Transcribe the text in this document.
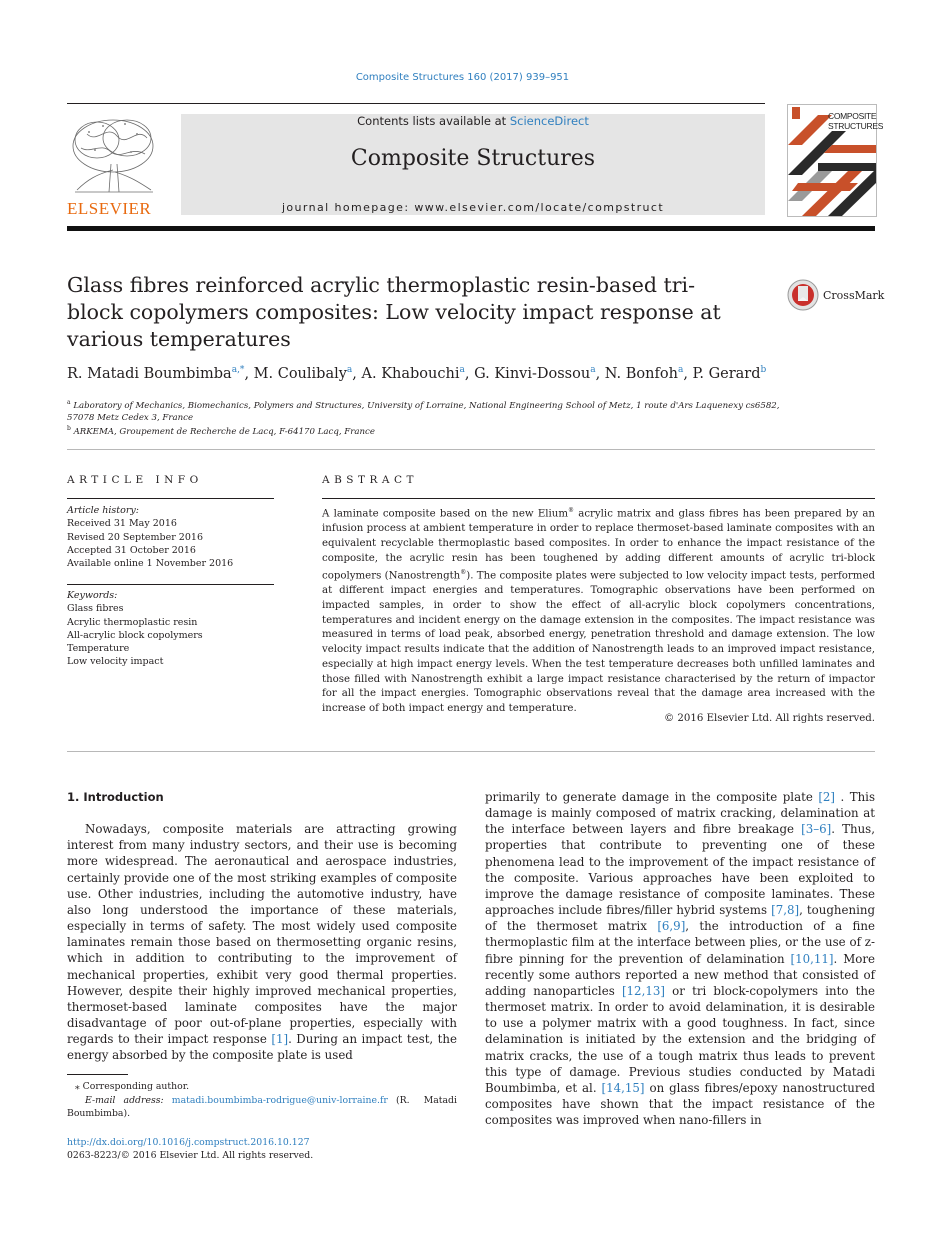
Composite Structures 160 (2017) 939–951
ELSEVIER
Contents lists available at ScienceDirect
Composite Structures
journal homepage: www.elsevier.com/locate/compstruct
COMPOSITE
STRUCTURES
Glass fibres reinforced acrylic thermoplastic resin-based tri-block copolymers composites: Low velocity impact response at various temperatures
CrossMark
R. Matadi Boumbimba$^{a,*}$, M. Coulibaly$^a$, A. Khabouchi$^a$, G. Kinvi-Dossou$^a$, N. Bonfoh$^a$, P. Gerard$^b$
$^a$ Laboratory of Mechanics, Biomechanics, Polymers and Structures, University of Lorraine, National Engineering School of Metz, 1 route d'Ars Laquenexy cs6582,
57078 Metz Cedex 3, France
$^b$ ARKEMA, Groupement de Recherche de Lacq, F-64170 Lacq, France
ARTICLE INFO
Article history:
Received 31 May 2016
Revised 20 September 2016
Accepted 31 October 2016
Available online 1 November 2016
Keywords:
Glass fibres
Acrylic thermoplastic resin
All-acrylic block copolymers
Temperature
Low velocity impact
ABSTRACT
A laminate composite based on the new Elium® acrylic matrix and glass fibres has been prepared by an infusion process at ambient temperature in order to replace thermoset-based laminate composites with an equivalent recyclable thermoplastic based composites. In order to enhance the impact resistance of the composite, the acrylic resin has been toughened by adding different amounts of acrylic tri-block copolymers (Nanostrength®). The composite plates were subjected to low velocity impact tests, performed at different impact energies and temperatures. Tomographic observations have been performed on impacted samples, in order to show the effect of all-acrylic block copolymers concentrations, temperatures and incident energy on the damage extension in the composites. The impact resistance was measured in terms of load peak, absorbed energy, penetration threshold and damage extension. The low velocity impact results indicate that the addition of Nanostrength leads to an improved impact resistance, especially at high impact energy levels. When the test temperature decreases both unfilled laminates and those filled with Nanostrength exhibit a large impact resistance characterised by the return of impactor for all the impact energies. Tomographic observations reveal that the damage area increased with the increase of both impact energy and temperature.
© 2016 Elsevier Ltd. All rights reserved.

1. Introduction

Nowadays, composite materials are attracting growing interest from many industry sectors, and their use is becoming more widespread. The aeronautical and aerospace industries, certainly provide one of the most striking examples of composite use. Other industries, including the automotive industry, have also long understood the importance of these materials, especially in terms of safety. The most widely used composite laminates remain those based on thermosetting organic resins, which in addition to contributing to the improvement of mechanical properties, exhibit very good thermal properties. However, despite their highly improved mechanical properties, thermoset-based laminate composites have the major disadvantage of poor out-of-plane properties, especially with regards to their impact response [1]. During an impact test, the energy absorbed by the composite plate is used

primarily to generate damage in the composite plate [2] . This damage is mainly composed of matrix cracking, delamination at the interface between layers and fibre breakage [3–6]. Thus, properties that contribute to preventing one of these phenomena lead to the improvement of the impact resistance of the composite. Various approaches have been exploited to improve the damage resistance of composite laminates. These approaches include fibres/filler hybrid systems [7,8], toughening of the thermoset matrix [6,9], the introduction of a fine thermoplastic film at the interface between plies, or the use of z-fibre pinning for the prevention of delamination [10,11]. More recently some authors reported a new method that consisted of adding nanoparticles [12,13] or tri block-copolymers into the thermoset matrix. In order to avoid delamination, it is desirable to use a polymer matrix with a good toughness. In fact, since delamination is initiated by the extension and the bridging of matrix cracks, the use of a tough matrix thus leads to prevent this type of damage. Previous studies conducted by Matadi Boumbimba, et al. [14,15] on glass fibres/epoxy nanostructured composites have shown that the impact resistance of the composites was improved when nano-fillers in

⁎ Corresponding author.
E-mail address: matadi.boumbimba-rodrigue@univ-lorraine.fr (R. Matadi Boumbimba).
http://dx.doi.org/10.1016/j.compstruct.2016.10.127
0263-8223/© 2016 Elsevier Ltd. All rights reserved.
